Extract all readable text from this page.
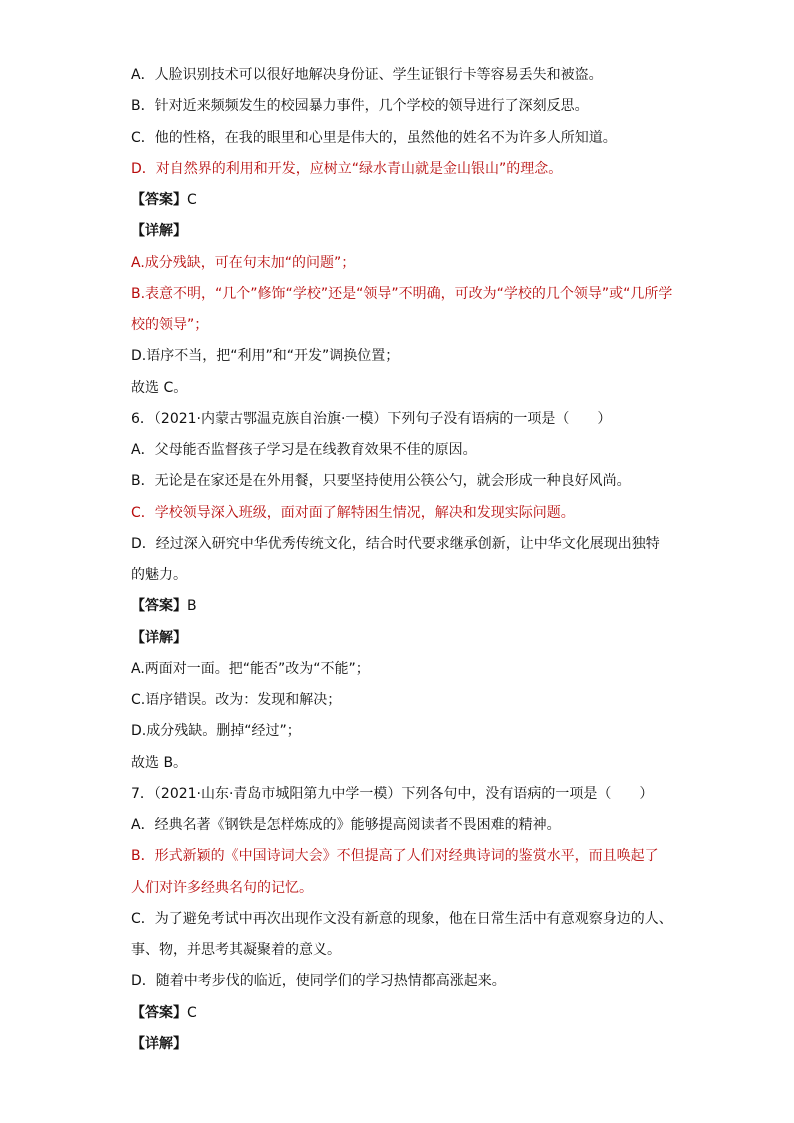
A．人脸识别技术可以很好地解决身份证、学生证银行卡等容易丢失和被盗。
B．针对近来频频发生的校园暴力事件，几个学校的领导进行了深刻反思。
C．他的性格，在我的眼里和心里是伟大的，虽然他的姓名不为许多人所知道。
D．对自然界的利用和开发，应树立“绿水青山就是金山银山”的理念。
【答案】C
【详解】
A.成分残缺，可在句末加“的问题”；
B.表意不明，“几个”修饰“学校”还是“领导”不明确，可改为“学校的几个领导”或“几所学
校的领导”；
D.语序不当，把“利用”和“开发”调换位置；
故选 C。
6．（2021·内蒙古鄂温克族自治旗·一模）下列句子没有语病的一项是（　　）
A．父母能否监督孩子学习是在线教育效果不佳的原因。
B．无论是在家还是在外用餐，只要坚持使用公筷公勺，就会形成一种良好风尚。
C．学校领导深入班级，面对面了解特困生情况，解决和发现实际问题。
D．经过深入研究中华优秀传统文化，结合时代要求继承创新，让中华文化展现出独特
的魅力。
【答案】B
【详解】
A.两面对一面。把“能否”改为“不能”；
C.语序错误。改为：发现和解决；
D.成分残缺。删掉“经过”；
故选 B。
7．（2021·山东·青岛市城阳第九中学一模）下列各句中，没有语病的一项是（　　）
A．经典名著《钢铁是怎样炼成的》能够提高阅读者不畏困难的精神。
B．形式新颖的《中国诗词大会》不但提高了人们对经典诗词的鉴赏水平，而且唤起了
人们对许多经典名句的记忆。
C．为了避免考试中再次出现作文没有新意的现象，他在日常生活中有意观察身边的人、
事、物，并思考其凝聚着的意义。
D．随着中考步伐的临近，使同学们的学习热情都高涨起来。
【答案】C
【详解】
